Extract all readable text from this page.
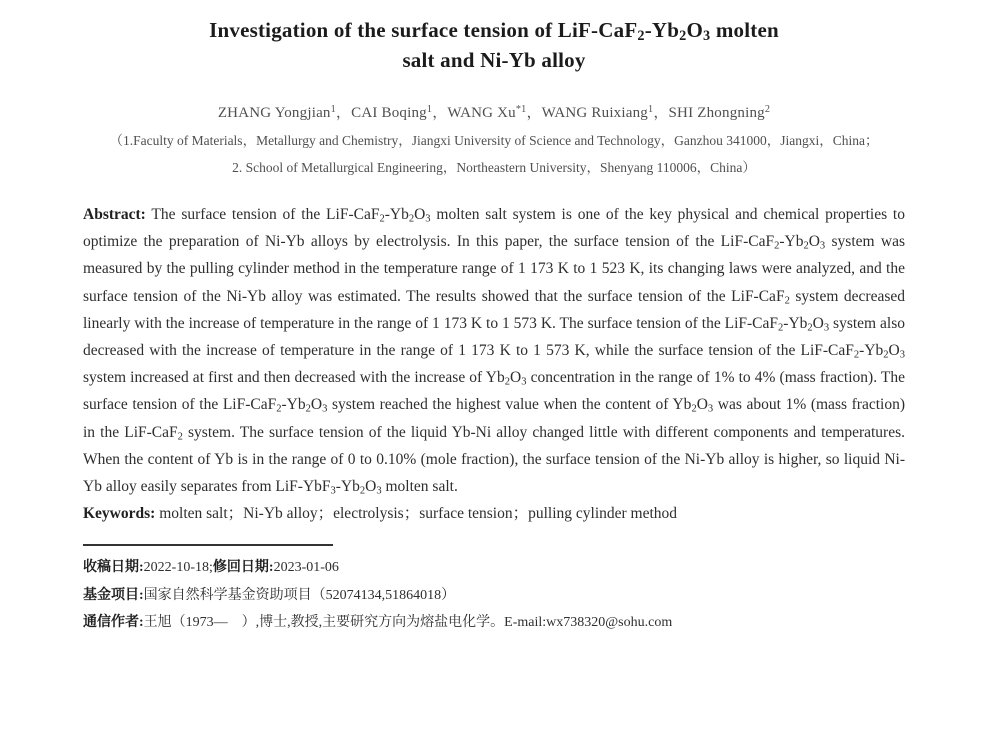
Investigation of the surface tension of LiF-$CaF_2-Yb_2O_3$ molten
salt and Ni-Yb alloy
ZHANG Yongjian$^1$，CAI Boqing$^1$，WANG Xu$^{*1}$，WANG Ruixiang$^1$，SHI Zhongning$^2$
（1.Faculty of Materials，Metallurgy and Chemistry，Jiangxi University of Science and Technology，Ganzhou 341000，Jiangxi，China；
2. School of Metallurgical Engineering，Northeastern University，Shenyang 110006，China）

Abstract: The surface tension of the LiF-$CaF_2-Yb_2O_3$ molten salt system is one of the key physical and chemical properties to optimize the preparation of Ni-Yb alloys by electrolysis. In this paper, the surface tension of the LiF-$CaF_2-Yb_2O_3$ system was measured by the pulling cylinder method in the temperature range of 1 173 K to 1 523 K, its changing laws were analyzed, and the surface tension of the Ni-Yb alloy was estimated. The results showed that the surface tension of the LiF-CaF$_2$ system decreased linearly with the increase of temperature in the range of 1 173 K to 1 573 K. The surface tension of the LiF-$CaF_2-Yb_2O_3$ system also decreased with the increase of temperature in the range of 1 173 K to 1 573 K, while the surface tension of the LiF-$CaF_2-Yb_2O_3$ system increased at first and then decreased with the increase of $Yb_2O_3$ concentration in the range of 1% to 4% (mass fraction). The surface tension of the LiF-$CaF_2-Yb_2O_3$ system reached the highest value when the content of $Yb_2O_3$ was about 1% (mass fraction) in the LiF-CaF$_2$ system. The surface tension of the liquid Yb-Ni alloy changed little with different components and temperatures. When the content of Yb is in the range of 0 to 0.10% (mole fraction), the surface tension of the Ni-Yb alloy is higher, so liquid Ni-Yb alloy easily separates from LiF-$YbF_3-Yb_2O_3$ molten salt.

Keywords: molten salt；Ni-Yb alloy；electrolysis；surface tension；pulling cylinder method

收稿日期:2022-10-18;修回日期:2023-01-06
基金项目:国家自然科学基金资助项目（52074134,51864018）
通信作者:王旭（1973—　）,博士,教授,主要研究方向为熔盐电化学。E-mail:wx738320@sohu.com
